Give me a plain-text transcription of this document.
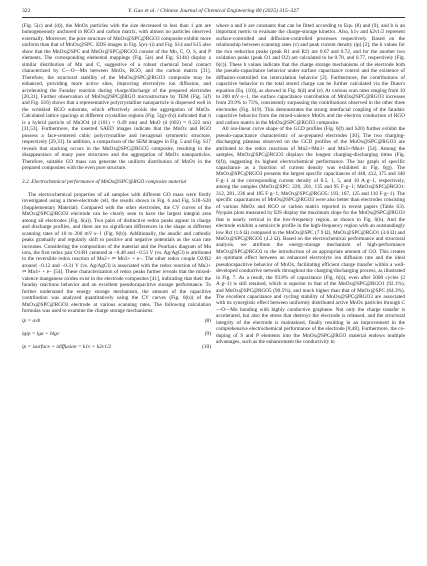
322	Y. Gao et al. / Chinese Journal of Chemical Engineering 80 (2025) 315–327

(Fig. 5(c) and (d)), the MnOx particles with the size decreased to less than 1 μm are homogeneously anchored in RGO and carbon matrix, with almost no particles observed externally. Moreover, the pore structure of MnOx@SPC@RGO3 composite exhibit more uniform than that of MnOx@SPC. EDS images in Fig. 5(e)–(i) and Fig. S14 and S15 also show that the MnOx@SPC and MnOx@SPC@RGO3 consist of the Mn, C, O, S, and P elements. The corresponding elemental mappings (Fig. 5(e) and Fig. S14b) display a similar distribution of Mn and C, suggestive of a robust chemical bond contact characterized by C—O—Mn between MnOx, RGO, and the carbon matrix [31]. Therefore, the structural stability of the MnOx@SPC@RGO3 composite may be enhanced, providing more active sites, improving electrolyte ion diffusion, and accelerating the Faraday reaction during charge/discharge of the prepared electrodes [20,31]. Further observation of MnOx@SPC@RGO microstructure by TEM (Fig. 5(f) and Fig. S16) shows that a representative polycrystalline nanoparticle is dispersed well in the wrinkled RGO substrate, which effectively avoids the aggregation of MnOx. Calculated lattice spacings at different crystalline regions (Fig. 5(g)–(h)) indicated that it is a hybrid particle of Mn3O4 (d (101) = 0.49 nm) and MnO (d (002) = 0.222 nm) [31,53]. Furthermore, the inserted SAED images indicate that the MnOx and RGO possess a face-centered cubic polycrystalline and hexagonal symmetric structure, respectively [29,31]. In addition, a comparison of the SEM images in Fig. 5 and Fig. S17 reveals that stacking occurs in the MnOx@SPC@RGO5 composite, resulting in the disappearance of many pore structures and the aggregation of MnOx nanoparticles. Therefore, suitable GO mass can generate the uniform distribution of MnOx in the prepared composites with the even pore structure.

3.2. Electrochemical performance of MnOx@SPC@RGO composite material

The electrochemical properties of all samples with different GO mass were firstly investigated using a three-electrode cell, the results shown in Fig. 6 and Fig. S18–S20 (Supplementary Material). Compared with the other electrodes, the CV curves of the MnOx@SPC@RGO3 electrode can be clearly seen to have the largest integral area among all electrodes (Fig. 6(a)). Two pairs of distinctive redox peaks appear in charge and discharge profiles, and there are no significant differences in the shape at different scanning rates of 10 to 200 mV·s−1 (Fig. 6(b)). Additionally, the anodic and cathodic peaks gradually and regularly shift to positive and negative potentials as the scan rate increases. Considering the composition of the material and the Pourbaix diagram of Mn ions, the first redox pair O1/R1 centered at −0.48 and −0.51 V (vs. Ag/AgCl) is attributed to the reversible redox reaction of Mn2+ ⇌ Mn3+ + e−. The other redox couple O2/R2 around −0.12 and −0.31 V (vs. Ag/AgCl) is associated with the redox reaction of Mn3+ ⇌ Mn4+ + e− [54]. These characterization of redox peaks further reveals that the mixed-valence manganese oxides exist in the electrode composites [41], indicating that their the faraday reactions behavior and an excellent pseudocapacitive storage performance. To further understand the energy storage mechanism, the amount of the capacitive contribution was analyzed quantitatively using the CV curves (Fig. 6(b)) of the MnOx@SPC@RGO3 electrode at various scanning rates. The following calculation formulas was used to examine the charge storage mechanisms:

ip = aνb	(8)
lgip = lga + blgν	(9)
ip = isurface + idiffusion = k1ν + k2ν1/2	(10)

where a and b are constants that can be fitted according to Eqs. (8) and (9), and b is an important metric to evaluate the charge-storage kinetics. Also, k1ν and k2ν1/2 represent surface-controlled and diffusion-controlled processes respectively. Based on the relationship between scanning rates (ν) and peak current density (ip) [2], the b values for the two reduction peaks (peak R1 and R2) are 0.67 and 0.72, and for the another two oxidation peaks (peak O1 and O2) are calculated to be 0.78, and 0.77, respectively (Fig. 6(c)). These b values indicate that the charge storage mechanisms of the electrode both the pseudo-capacitance behavior under surface capacitance control and the existence of diffusion-controlled ion intercalation behavior [2]. Furthermore, the contributions of capacitive behavior to the total stored charge can be further calculated via the Dunn's equation (Eq. (10)), as showed in Fig. 6(d) and (e). At various scan rates ranging from 10 to 200 mV·s−1, the surface capacitance contribution of MnOx@SPC@RGO3 increases from 29.9% to 75%, consistently surpassing the contributions observed in the other three electrodes (Fig. S19). This demonstrates the strong interfacial coupling of the faradaic capacitive behavior from the mixed-valence MnOx and the electron conduction of RGO and carbon matrix in the MnOx@SPC@RGO3 composite.

All ion-linear curve shape of the GCD profiles (Fig. 6(f) and S20) further exhibit the pseudo-capacitance characteristic of as-prepared electrodes [30]. The two charging-discharging plateaus observed on the GCD profiles of the MnOx@SPC@RGO3 are attributed to the redox reactions of Mn2+/Mn3+ and Mn3+/Mn4+ [54]. Among the samples, MnOx@SPC@RGO3 displays the longest charging-discharging times (Fig. 6(f)), suggesting its highest electrochemical performance. The bar graph of specific capacitance as a function of current density was exhibited in Fig. 6(g). The MnOx@SPC@RGO3 presents the largest specific capacitances of 448, 412, 375 and 340 F·g−1 at the corresponding current density of 0.5, 1, 5, and 10 A·g−1, respectively, among the samples (MnOx@SPC: 228, 201, 135 and 95 F·g−1; MnOx@SPC@RGO1: 312, 281, 236 and 185 F·g−1; MnOx@SPC@RGO5: 193, 167, 125 and 110 F·g−1). The specific capacitances of MnOx@SPC@RGO3 were also better than electrodes consisting of various MnOx and RGO or carbon matrix reported in recent papers (Table S3). Nyquist plots measured by EIS display the maximum slope for the MnOx@SPC@RGO3 that is nearly vertical in the low-frequency region, as shown in Fig. 6(h). And the electrode exhibits a semicircle profile in the high-frequency region with an outstandingly low Rct (1.6 Ω) compared to the MnOx@SPC (7.9 Ω), MnOx@SPC@RGO1 (3.6 Ω) and MnOx@SPC@RGO5 (4.2 Ω). Based on the electrochemical performance and structural analysis, we attribute the energy-storage mechanism of high-performance MnOx@SPC@RGO3 to the introduction of an appropriate amount of GO. This creates an optimum effect between an enhanced electrolyte ion diffusion rate and the ideal pseudocapacitive behavior of MnOx, facilitating efficient charge transfer within a well-developed conductive network throughout the charging/discharging process, as illustrated in Fig. 7. As a result, the 93.8% of capacitance (Fig. 6(i)), even after 5000 cycles (2 A·g−1) is still retained, which is superior to that of the MnOx@SPC@RGO1 (92.1%), and MnOx@SPC@RGO5 (90.5%), and much higher than that of MnOx@SPC (84.3%). The excellent capacitance and cycling stability of MnOx@SPC@RGO3 are associated with its synergistic effect between uniformly distributed active MnOx particles through C—O—Mn bonding with highly conductive graphene. Not only the charge transfer is accelerated, but also the stress that destroys the electrode is released, and the structural integrity of the electrode is maintained, finally resulting in an improvement in the comprehensive electrochemical performance of the electrode [8,48]. Furthermore, the co-doping of S and P elements into the MnOx@SPC@RGO material endows multiple advantages, such as the enhancement the conductivity to
